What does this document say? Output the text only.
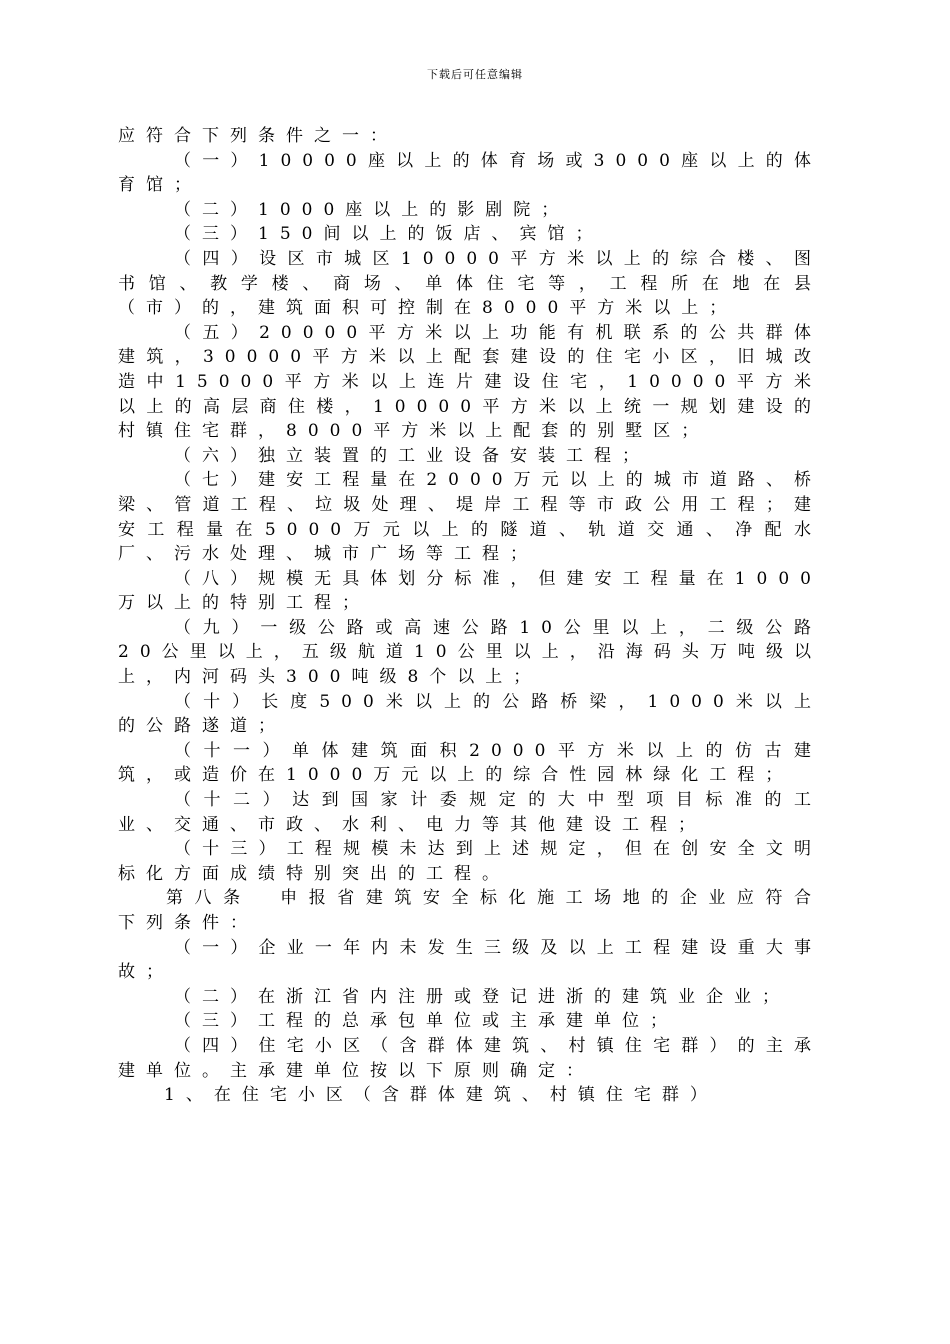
下载后可任意编辑

应符合下列条件之一：

（一）10000座以上的体育场或3000座以上的体育馆；

（二）1000座以上的影剧院；

（三）150间以上的饭店、宾馆；

（四）设区市城区10000平方米以上的综合楼、图书馆、教学楼、商场、单体住宅等，工程所在地在县（市）的，建筑面积可控制在8000平方米以上；

（五）20000平方米以上功能有机联系的公共群体建筑，30000平方米以上配套建设的住宅小区，旧城改造中15000平方米以上连片建设住宅，10000平方米以上的高层商住楼，10000平方米以上统一规划建设的村镇住宅群，8000平方米以上配套的别墅区；

（六）独立装置的工业设备安装工程；

（七）建安工程量在2000万元以上的城市道路、桥梁、管道工程、垃圾处理、堤岸工程等市政公用工程；建安工程量在5000万元以上的隧道、轨道交通、净配水厂、污水处理、城市广场等工程；

（八）规模无具体划分标准，但建安工程量在1000万以上的特别工程；

（九）一级公路或高速公路10公里以上，二级公路20公里以上，五级航道10公里以上，沿海码头万吨级以上，内河码头300吨级8个以上；

（十）长度500米以上的公路桥梁，1000米以上的公路遂道；

（十一）单体建筑面积2000平方米以上的仿古建筑，或造价在1000万元以上的综合性园林绿化工程；

（十二）达到国家计委规定的大中型项目标准的工业、交通、市政、水利、电力等其他建设工程；

（十三）工程规模未达到上述规定，但在创安全文明标化方面成绩特别突出的工程。

第八条　申报省建筑安全标化施工场地的企业应符合下列条件：

（一）企业一年内未发生三级及以上工程建设重大事故；

（二）在浙江省内注册或登记进浙的建筑业企业；

（三）工程的总承包单位或主承建单位；

（四）住宅小区（含群体建筑、村镇住宅群）的主承建单位。主承建单位按以下原则确定：

1、在住宅小区（含群体建筑、村镇住宅群）
